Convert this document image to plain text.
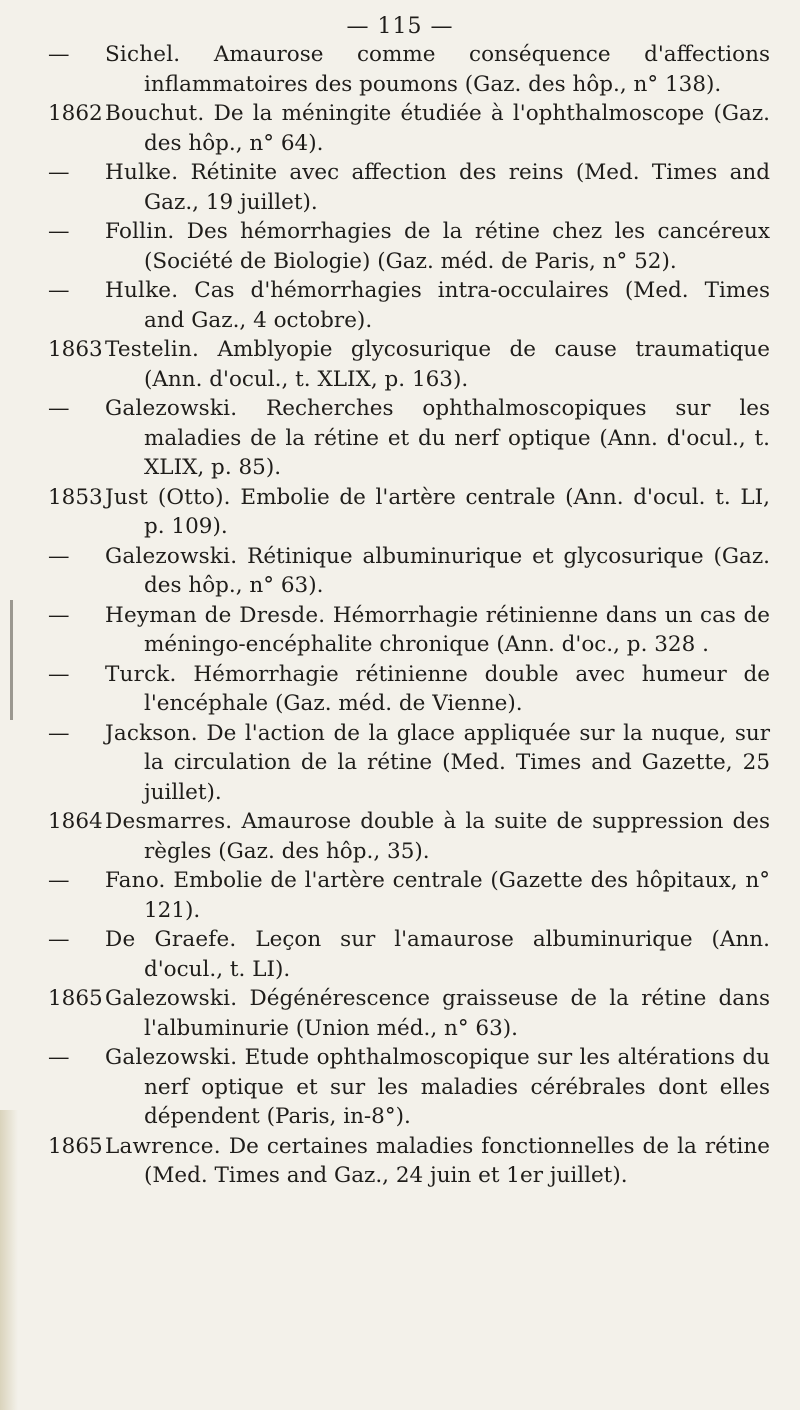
— 115 —

—	Sichel. Amaurose comme conséquence d'affections inflammatoires des poumons (Gaz. des hôp., n° 138).

1862 Bouchut. De la méningite étudiée à l'ophthalmoscope (Gaz. des hôp., n° 64).

—	Hulke. Rétinite avec affection des reins (Med. Times and Gaz., 19 juillet).

—	Follin. Des hémorrhagies de la rétine chez les cancéreux (Société de Biologie) (Gaz. méd. de Paris, n° 52).

—	Hulke. Cas d'hémorrhagies intra-occulaires (Med. Times and Gaz., 4 octobre).

1863 Testelin. Amblyopie glycosurique de cause traumatique (Ann. d'ocul., t. XLIX, p. 163).

—	Galezowski. Recherches ophthalmoscopiques sur les maladies de la rétine et du nerf optique (Ann. d'ocul., t. XLIX, p. 85).

1853 Just (Otto). Embolie de l'artère centrale (Ann. d'ocul. t. LI, p. 109).

—	Galezowski. Rétinique albuminurique et glycosurique (Gaz. des hôp., n° 63).

—	Heyman de Dresde. Hémorrhagie rétinienne dans un cas de méningo-encéphalite chronique (Ann. d'oc., p. 328 .

—	Turck. Hémorrhagie rétinienne double avec humeur de l'encéphale (Gaz. méd. de Vienne).

—	Jackson. De l'action de la glace appliquée sur la nuque, sur la circulation de la rétine (Med. Times and Gazette, 25 juillet).

1864 Desmarres. Amaurose double à la suite de suppression des règles (Gaz. des hôp., 35).

—	Fano. Embolie de l'artère centrale (Gazette des hôpitaux, n° 121).

—	De Graefe. Leçon sur l'amaurose albuminurique (Ann. d'ocul., t. LI).

1865 Galezowski. Dégénérescence graisseuse de la rétine dans l'albuminurie (Union méd., n° 63).

—	Galezowski. Etude ophthalmoscopique sur les altérations du nerf optique et sur les maladies cérébrales dont elles dépendent (Paris, in-8°).

1865 Lawrence. De certaines maladies fonctionnelles de la rétine (Med. Times and Gaz., 24 juin et 1er juillet).
